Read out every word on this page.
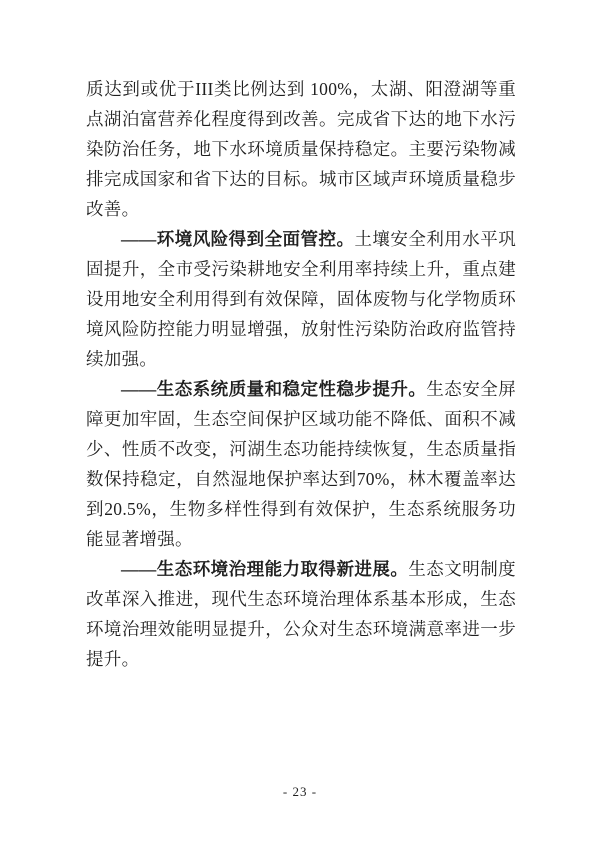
质达到或优于III类比例达到 100%，太湖、阳澄湖等重点湖泊富营养化程度得到改善。完成省下达的地下水污染防治任务，地下水环境质量保持稳定。主要污染物减排完成国家和省下达的目标。城市区域声环境质量稳步改善。

——环境风险得到全面管控。土壤安全利用水平巩固提升，全市受污染耕地安全利用率持续上升，重点建设用地安全利用得到有效保障，固体废物与化学物质环境风险防控能力明显增强，放射性污染防治政府监管持续加强。

——生态系统质量和稳定性稳步提升。生态安全屏障更加牢固，生态空间保护区域功能不降低、面积不减少、性质不改变，河湖生态功能持续恢复，生态质量指数保持稳定，自然湿地保护率达到70%，林木覆盖率达到20.5%，生物多样性得到有效保护，生态系统服务功能显著增强。

——生态环境治理能力取得新进展。生态文明制度改革深入推进，现代生态环境治理体系基本形成，生态环境治理效能明显提升，公众对生态环境满意率进一步提升。

- 23 -
